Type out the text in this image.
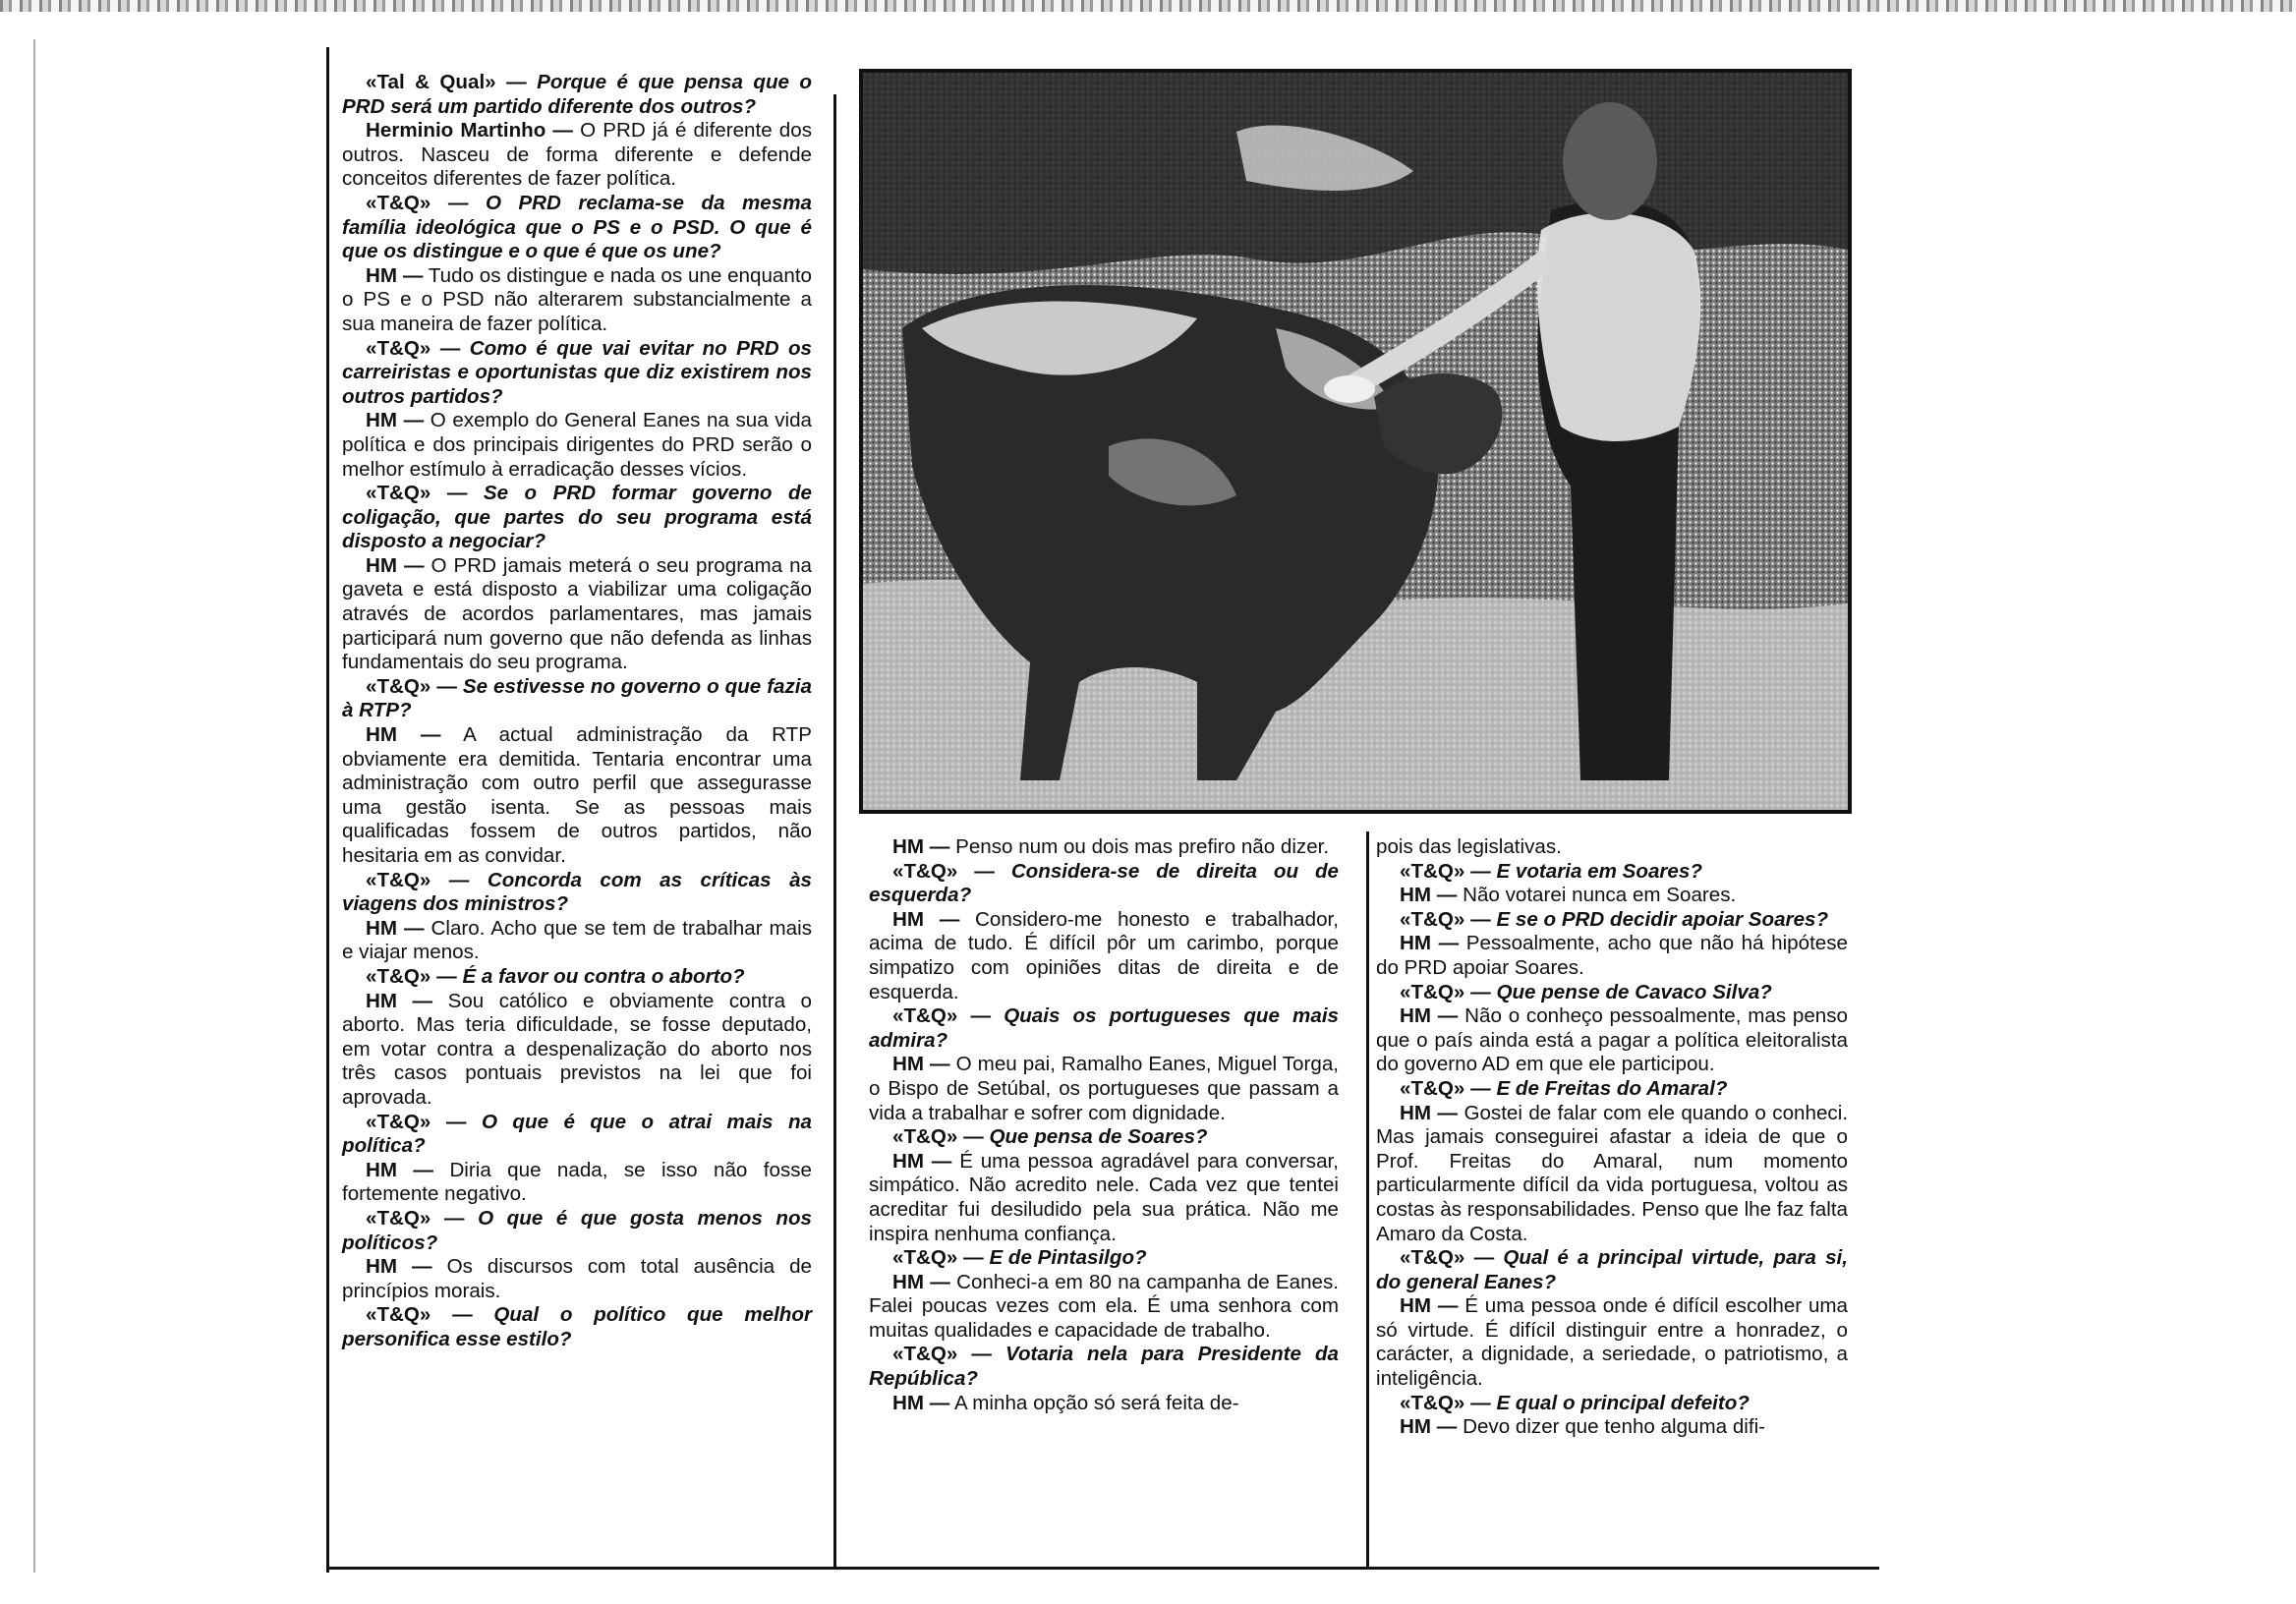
«Tal & Qual» — Porque é que pensa que o PRD será um partido diferente dos outros?

Herminio Martinho — O PRD já é diferente dos outros. Nasceu de forma diferente e defende conceitos diferentes de fazer política.

«T&Q» — O PRD reclama-se da mesma família ideológica que o PS e o PSD. O que é que os distingue e o que é que os une?

HM — Tudo os distingue e nada os une enquanto o PS e o PSD não alterarem substancialmente a sua maneira de fazer política.

«T&Q» — Como é que vai evitar no PRD os carreiristas e oportunistas que diz existirem nos outros partidos?

HM — O exemplo do General Eanes na sua vida política e dos principais dirigentes do PRD serão o melhor estímulo à erradicação desses vícios.

«T&Q» — Se o PRD formar governo de coligação, que partes do seu programa está disposto a negociar?

HM — O PRD jamais meterá o seu programa na gaveta e está disposto a viabilizar uma coligação através de acordos parlamentares, mas jamais participará num governo que não defenda as linhas fundamentais do seu programa.

«T&Q» — Se estivesse no governo o que fazia à RTP?

HM — A actual administração da RTP obviamente era demitida. Tentaria encontrar uma administração com outro perfil que assegurasse uma gestão isenta. Se as pessoas mais qualificadas fossem de outros partidos, não hesitaria em as convidar.

«T&Q» — Concorda com as críticas às viagens dos ministros?

HM — Claro. Acho que se tem de trabalhar mais e viajar menos.

«T&Q» — É a favor ou contra o aborto?

HM — Sou católico e obviamente contra o aborto. Mas teria dificuldade, se fosse deputado, em votar contra a despenalização do aborto nos três casos pontuais previstos na lei que foi aprovada.

«T&Q» — O que é que o atrai mais na política?

HM — Diria que nada, se isso não fosse fortemente negativo.

«T&Q» — O que é que gosta menos nos políticos?

HM — Os discursos com total ausência de princípios morais.

«T&Q» — Qual o político que melhor personifica esse estilo?

HM — Penso num ou dois mas prefiro não dizer.

«T&Q» — Considera-se de direita ou de esquerda?

HM — Considero-me honesto e trabalhador, acima de tudo. É difícil pôr um carimbo, porque simpatizo com opiniões ditas de direita e de esquerda.

«T&Q» — Quais os portugueses que mais admira?

HM — O meu pai, Ramalho Eanes, Miguel Torga, o Bispo de Setúbal, os portugueses que passam a vida a trabalhar e sofrer com dignidade.

«T&Q» — Que pensa de Soares?

HM — É uma pessoa agradável para conversar, simpático. Não acredito nele. Cada vez que tentei acreditar fui desiludido pela sua prática. Não me inspira nenhuma confiança.

«T&Q» — E de Pintasilgo?

HM — Conheci-a em 80 na campanha de Eanes. Falei poucas vezes com ela. É uma senhora com muitas qualidades e capacidade de trabalho.

«T&Q» — Votaria nela para Presidente da República?

HM — A minha opção só será feita de-

pois das legislativas.

«T&Q» — E votaria em Soares?

HM — Não votarei nunca em Soares.

«T&Q» — E se o PRD decidir apoiar Soares?

HM — Pessoalmente, acho que não há hipótese do PRD apoiar Soares.

«T&Q» — Que pense de Cavaco Silva?

HM — Não o conheço pessoalmente, mas penso que o país ainda está a pagar a política eleitoralista do governo AD em que ele participou.

«T&Q» — E de Freitas do Amaral?

HM — Gostei de falar com ele quando o conheci. Mas jamais conseguirei afastar a ideia de que o Prof. Freitas do Amaral, num momento particularmente difícil da vida portuguesa, voltou as costas às responsabilidades. Penso que lhe faz falta Amaro da Costa.

«T&Q» — Qual é a principal virtude, para si, do general Eanes?

HM — É uma pessoa onde é difícil escolher uma só virtude. É difícil distinguir entre a honradez, o carácter, a dignidade, a seriedade, o patriotismo, a inteligência.

«T&Q» — E qual o principal defeito?

HM — Devo dizer que tenho alguma difi-
